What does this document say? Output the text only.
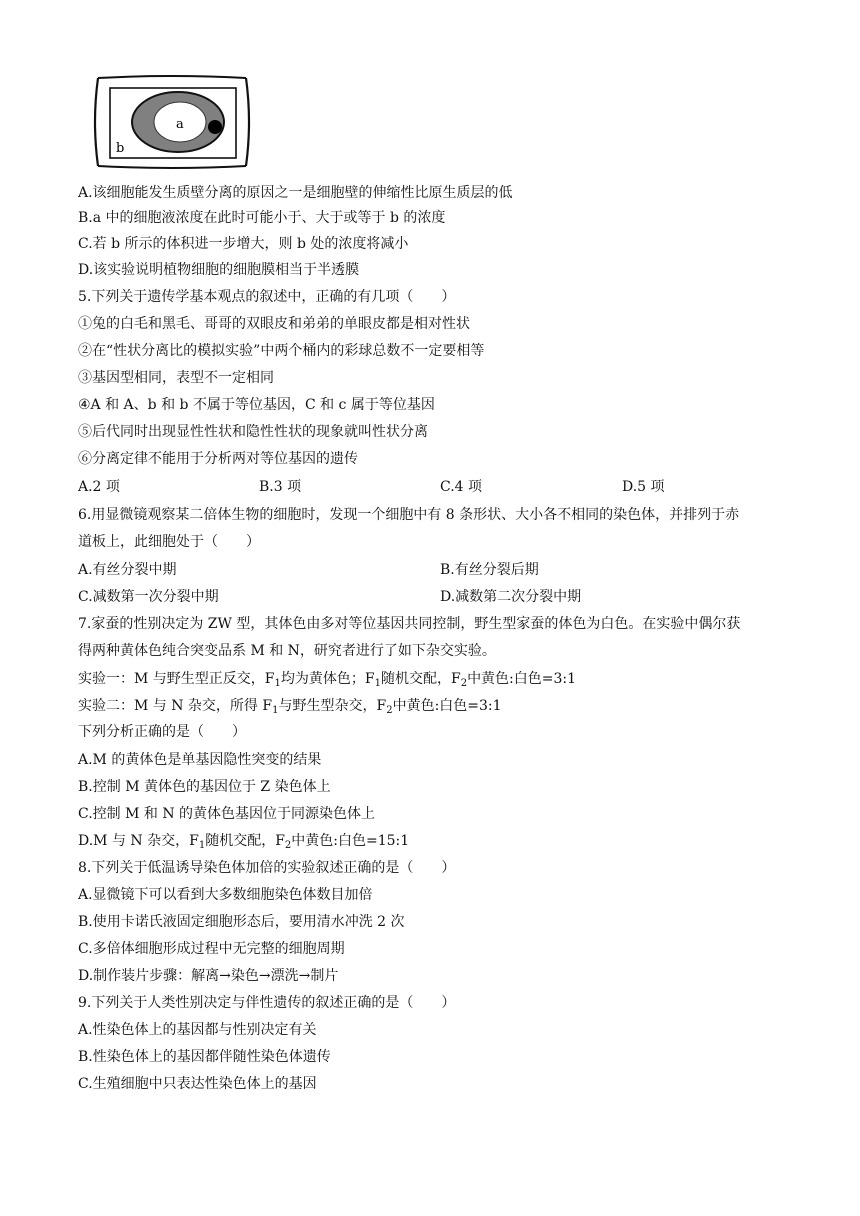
a
b
A.该细胞能发生质壁分离的原因之一是细胞壁的伸缩性比原生质层的低
B.a 中的细胞液浓度在此时可能小于、大于或等于 b 的浓度
C.若 b 所示的体积进一步增大，则 b 处的浓度将减小
D.该实验说明植物细胞的细胞膜相当于半透膜
5.下列关于遗传学基本观点的叙述中，正确的有几项（　　）
①兔的白毛和黑毛、哥哥的双眼皮和弟弟的单眼皮都是相对性状
②在“性状分离比的模拟实验”中两个桶内的彩球总数不一定要相等
③基因型相同，表型不一定相同
④A 和 A、b 和 b 不属于等位基因，C 和 c 属于等位基因
⑤后代同时出现显性性状和隐性性状的现象就叫性状分离
⑥分离定律不能用于分析两对等位基因的遗传
A.2 项	B.3 项	C.4 项	D.5 项
6.用显微镜观察某二倍体生物的细胞时，发现一个细胞中有 8 条形状、大小各不相同的染色体，并排列于赤
道板上，此细胞处于（　　）
A.有丝分裂中期	B.有丝分裂后期
C.减数第一次分裂中期	D.减数第二次分裂中期
7.家蚕的性别决定为 ZW 型，其体色由多对等位基因共同控制，野生型家蚕的体色为白色。在实验中偶尔获
得两种黄体色纯合突变品系 M 和 N，研究者进行了如下杂交实验。
实验一：M 与野生型正反交，$F_1$均为黄体色；$F_1$随机交配，$F_2$中黄色:白色=3:1
实验二：M 与 N 杂交，所得 $F_1$与野生型杂交，$F_2$中黄色:白色=3:1
下列分析正确的是（　　）
A.M 的黄体色是单基因隐性突变的结果
B.控制 M 黄体色的基因位于 Z 染色体上
C.控制 M 和 N 的黄体色基因位于同源染色体上
D.M 与 N 杂交，$F_1$随机交配，$F_2$中黄色:白色=15:1
8.下列关于低温诱导染色体加倍的实验叙述正确的是（　　）
A.显微镜下可以看到大多数细胞染色体数目加倍
B.使用卡诺氏液固定细胞形态后，要用清水冲洗 2 次
C.多倍体细胞形成过程中无完整的细胞周期
D.制作装片步骤：解离→染色→漂洗→制片
9.下列关于人类性别决定与伴性遗传的叙述正确的是（　　）
A.性染色体上的基因都与性别决定有关
B.性染色体上的基因都伴随性染色体遗传
C.生殖细胞中只表达性染色体上的基因
